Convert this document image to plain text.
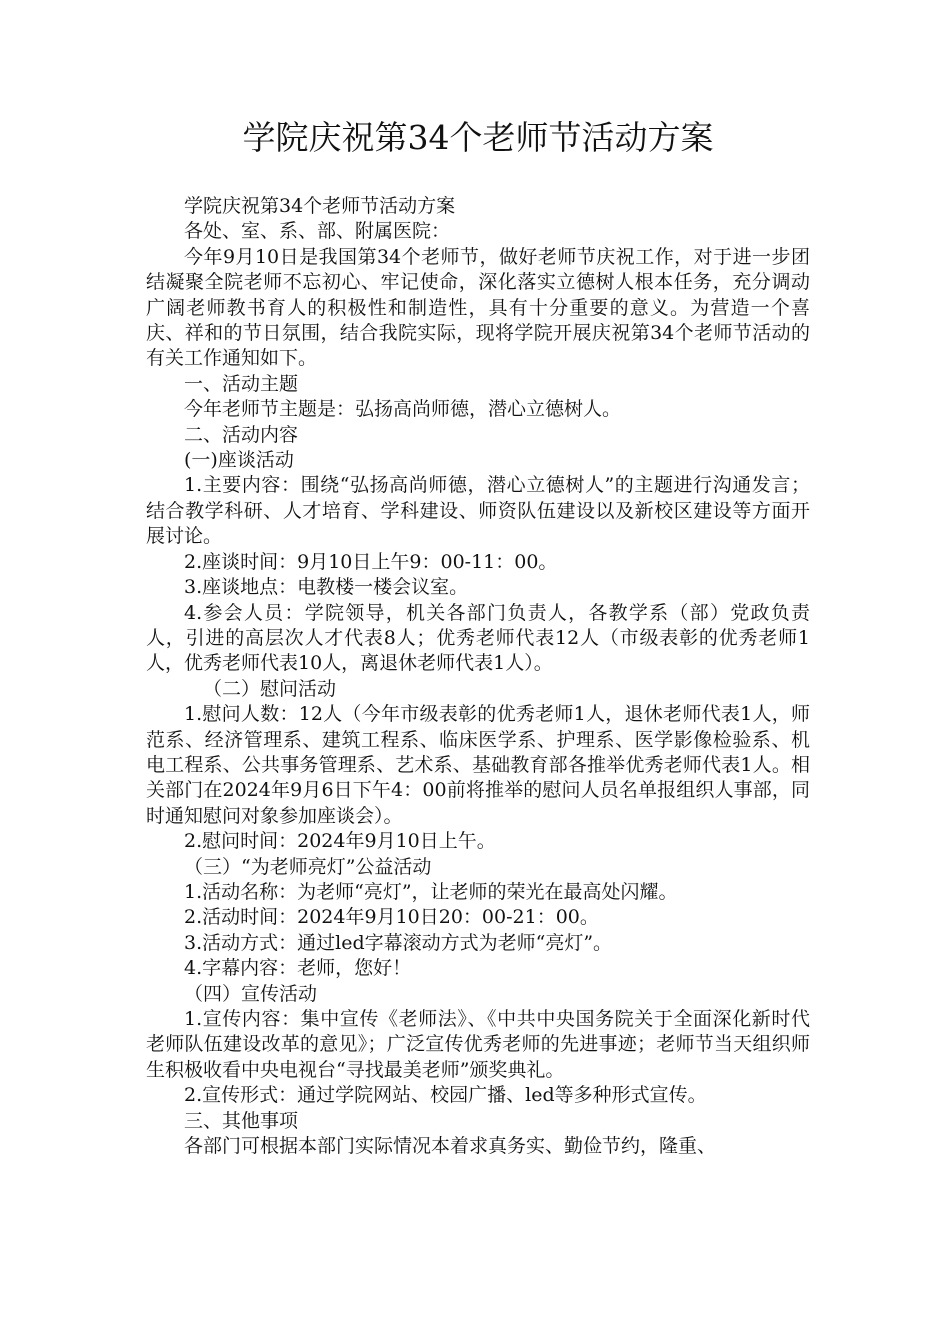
学院庆祝第34个老师节活动方案

学院庆祝第34个老师节活动方案

各处、室、系、部、附属医院：

今年9月10日是我国第34个老师节，做好老师节庆祝工作，对于进一步团结凝聚全院老师不忘初心、牢记使命，深化落实立德树人根本任务，充分调动广阔老师教书育人的积极性和制造性，具有十分重要的意义。为营造一个喜庆、祥和的节日氛围，结合我院实际，现将学院开展庆祝第34个老师节活动的有关工作通知如下。

一、活动主题

今年老师节主题是：弘扬高尚师德，潜心立德树人。

二、活动内容

(一)座谈活动

1.主要内容：围绕“弘扬高尚师德，潜心立德树人”的主题进行沟通发言；结合教学科研、人才培育、学科建设、师资队伍建设以及新校区建设等方面开展讨论。

2.座谈时间：9月10日上午9：00-11：00。

3.座谈地点：电教楼一楼会议室。

4.参会人员：学院领导，机关各部门负责人，各教学系（部）党政负责人，引进的高层次人才代表8人；优秀老师代表12人（市级表彰的优秀老师1人，优秀老师代表10人，离退休老师代表1人）。

（二）慰问活动

1.慰问人数：12人（今年市级表彰的优秀老师1人，退休老师代表1人，师范系、经济管理系、建筑工程系、临床医学系、护理系、医学影像检验系、机电工程系、公共事务管理系、艺术系、基础教育部各推举优秀老师代表1人。相关部门在2024年9月6日下午4：00前将推举的慰问人员名单报组织人事部，同时通知慰问对象参加座谈会）。

2.慰问时间：2024年9月10日上午。

（三）“为老师亮灯”公益活动

1.活动名称：为老师“亮灯”，让老师的荣光在最高处闪耀。

2.活动时间：2024年9月10日20：00-21：00。

3.活动方式：通过led字幕滚动方式为老师“亮灯”。

4.字幕内容：老师，您好！

（四）宣传活动

1.宣传内容：集中宣传《老师法》、《中共中央国务院关于全面深化新时代老师队伍建设改革的意见》；广泛宣传优秀老师的先进事迹；老师节当天组织师生积极收看中央电视台“寻找最美老师”颁奖典礼。

2.宣传形式：通过学院网站、校园广播、led等多种形式宣传。

三、其他事项

各部门可根据本部门实际情况本着求真务实、勤俭节约，隆重、
